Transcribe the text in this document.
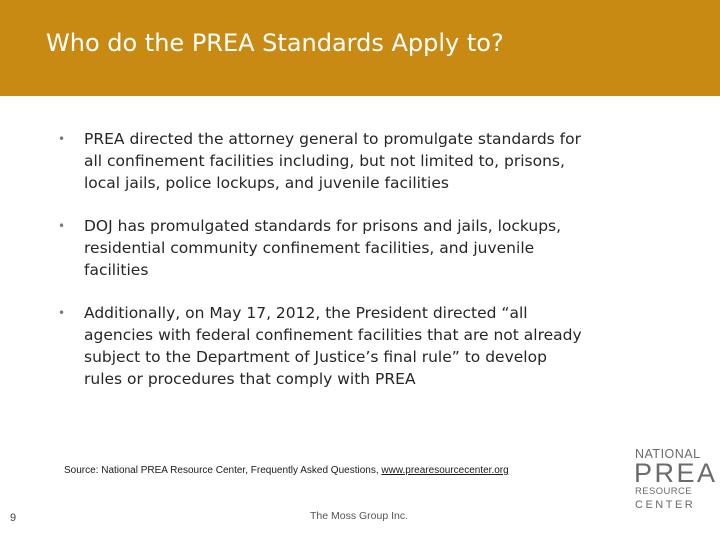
Who do the PREA Standards Apply to?
•	PREA directed the attorney general to promulgate standards for
all confinement facilities including, but not limited to, prisons,
local jails, police lockups, and juvenile facilities
•	DOJ has promulgated standards for prisons and jails, lockups,
residential community confinement facilities, and juvenile
facilities
•	Additionally, on May 17, 2012, the President directed “all
agencies with federal confinement facilities that are not already
subject to the Department of Justice’s final rule” to develop
rules or procedures that comply with PREA
Source: National PREA Resource Center, Frequently Asked Questions, www.prearesourcecenter.org
9	The Moss Group Inc.
NATIONAL
PREA
RESOURCE
CENTER
